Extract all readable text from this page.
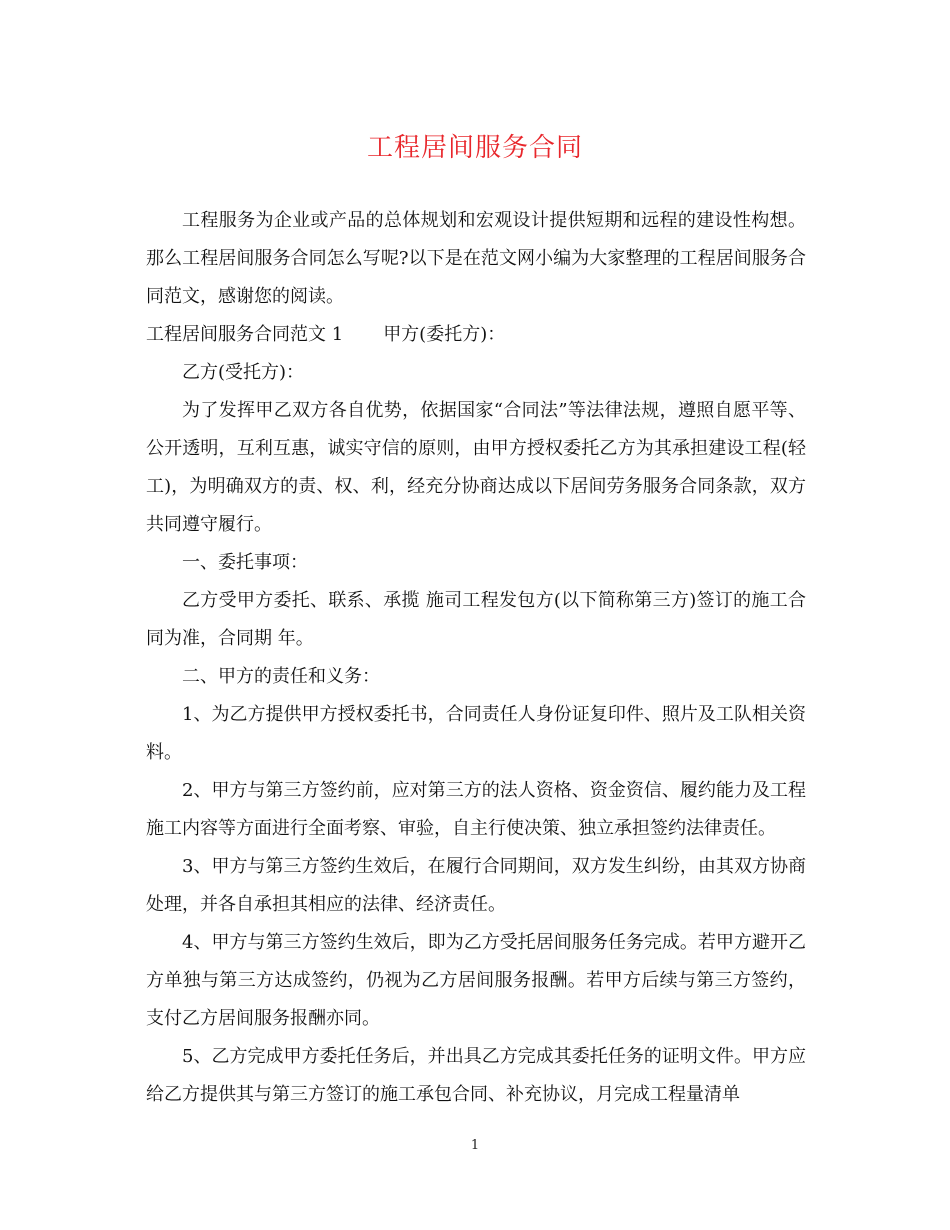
工程居间服务合同

工程服务为企业或产品的总体规划和宏观设计提供短期和远程的建设性构想。那么工程居间服务合同怎么写呢?以下是在范文网小编为大家整理的工程居间服务合同范文，感谢您的阅读。

工程居间服务合同范文 1 甲方(委托方)：

乙方(受托方)：

为了发挥甲乙双方各自优势，依据国家“合同法”等法律法规，遵照自愿平等、公开透明，互利互惠，诚实守信的原则，由甲方授权委托乙方为其承担建设工程(轻工)，为明确双方的责、权、利，经充分协商达成以下居间劳务服务合同条款，双方共同遵守履行。

一、委托事项：

乙方受甲方委托、联系、承揽 施司工程发包方(以下简称第三方)签订的施工合同为准，合同期 年。

二、甲方的责任和义务：

1、为乙方提供甲方授权委托书，合同责任人身份证复印件、照片及工队相关资料。

2、甲方与第三方签约前，应对第三方的法人资格、资金资信、履约能力及工程施工内容等方面进行全面考察、审验，自主行使决策、独立承担签约法律责任。

3、甲方与第三方签约生效后，在履行合同期间，双方发生纠纷，由其双方协商处理，并各自承担其相应的法律、经济责任。

4、甲方与第三方签约生效后，即为乙方受托居间服务任务完成。若甲方避开乙方单独与第三方达成签约，仍视为乙方居间服务报酬。若甲方后续与第三方签约，支付乙方居间服务报酬亦同。

5、乙方完成甲方委托任务后，并出具乙方完成其委托任务的证明文件。甲方应给乙方提供其与第三方签订的施工承包合同、补充协议，月完成工程量清单

1
